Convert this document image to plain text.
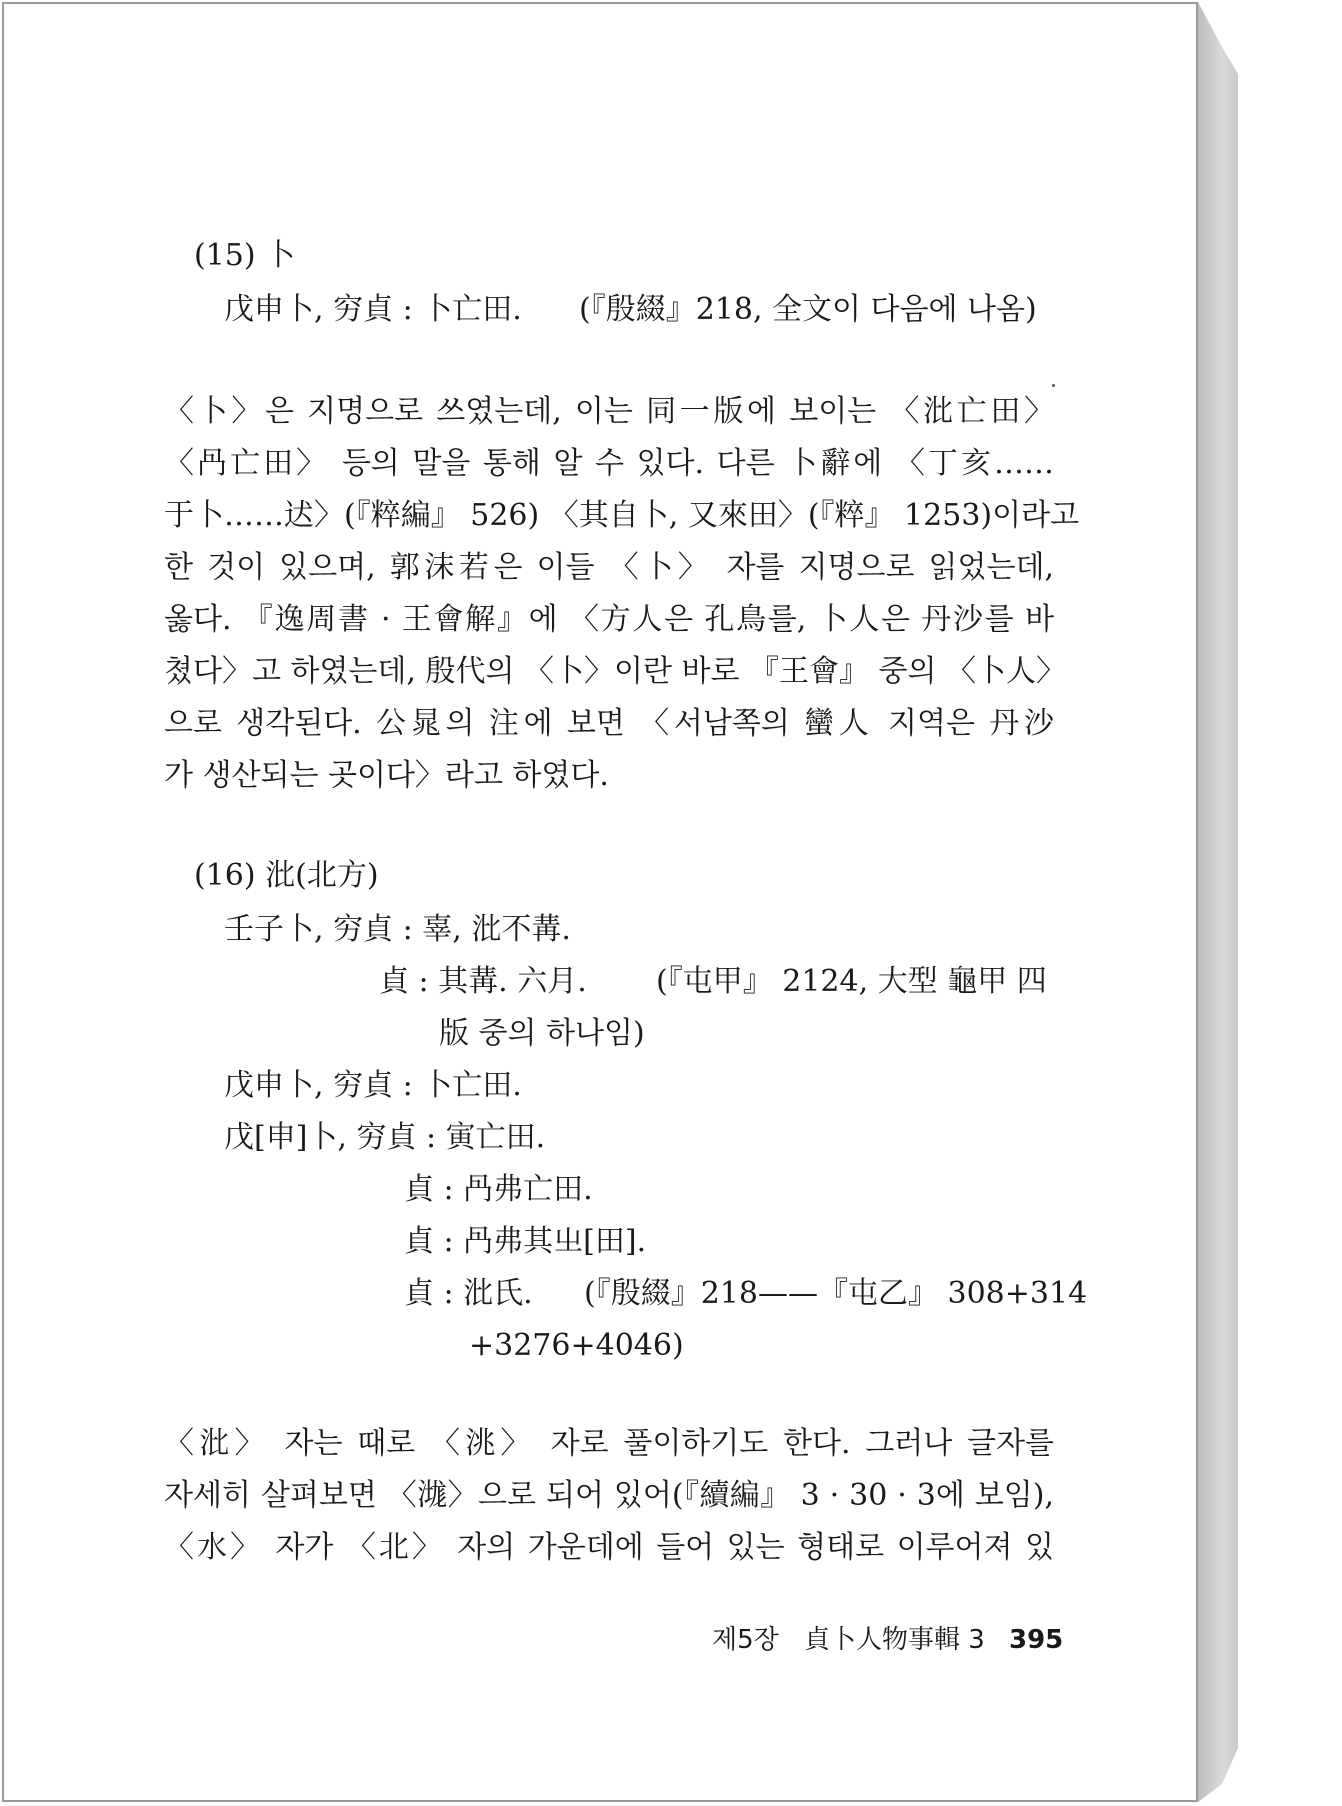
(15) 卜
戊申卜, 穷貞 : 卜亡田. (『殷綴』218, 全文이 다음에 나옴)
〈卜〉은 지명으로 쓰였는데, 이는 同一版에 보이는 〈沘亡田〉
〈冎亡田〉 등의 말을 통해 알 수 있다. 다른 卜辭에 〈丁亥……
于卜……迖〉(『粹編』 526) 〈其自卜, 又來田〉(『粹』 1253)이라고
한 것이 있으며, 郭沫若은 이들 〈卜〉 자를 지명으로 읽었는데,
옳다. 『逸周書 · 王會解』에 〈方人은 孔鳥를, 卜人은 丹沙를 바
쳤다〉고 하였는데, 殷代의 〈卜〉이란 바로 『王會』 중의 〈卜人〉
으로 생각된다. 公晁의 注에 보면 〈서남쪽의 蠻人 지역은 丹沙
가 생산되는 곳이다〉라고 하였다.
(16) 沘(北方)
壬子卜, 穷貞 : 辜, 沘不冓.
貞 : 其冓. 六月. (『屯甲』 2124, 大型 龜甲 四
版 중의 하나임)
戊申卜, 穷貞 : 卜亡田.
戊[申]卜, 穷貞 : 寅亡田.
貞 : 冎弗亡田.
貞 : 冎弗其㞢[田].
貞 : 沘氏. (『殷綴』218——『屯乙』 308+314
+3276+4046)
〈沘〉 자는 때로 〈洮〉 자로 풀이하기도 한다. 그러나 글자를
자세히 살펴보면 〈㴳〉으로 되어 있어(『續編』 3 · 30 · 3에 보임),
〈水〉 자가 〈北〉 자의 가운데에 들어 있는 형태로 이루어져 있
제5장 貞卜人物事輯 3 395
